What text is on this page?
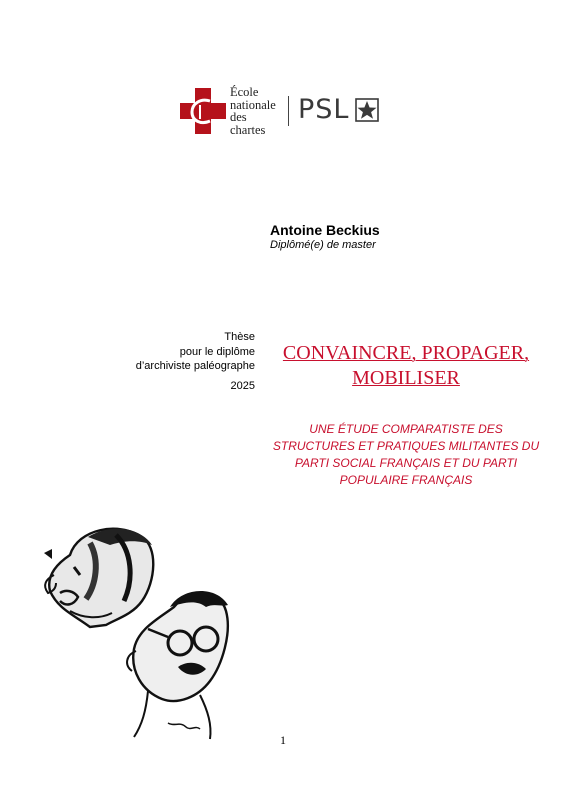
École
nationale
des
chartes
PSL
Antoine Beckius
Diplômé(e) de master
Thèse
pour le diplôme
d’archiviste paléographe
2025
CONVAINCRE, PROPAGER, MOBILISER
UNE ÉTUDE COMPARATISTE DES STRUCTURES ET PRATIQUES MILITANTES DU PARTI SOCIAL FRANÇAIS ET DU PARTI POPULAIRE FRANÇAIS
1
